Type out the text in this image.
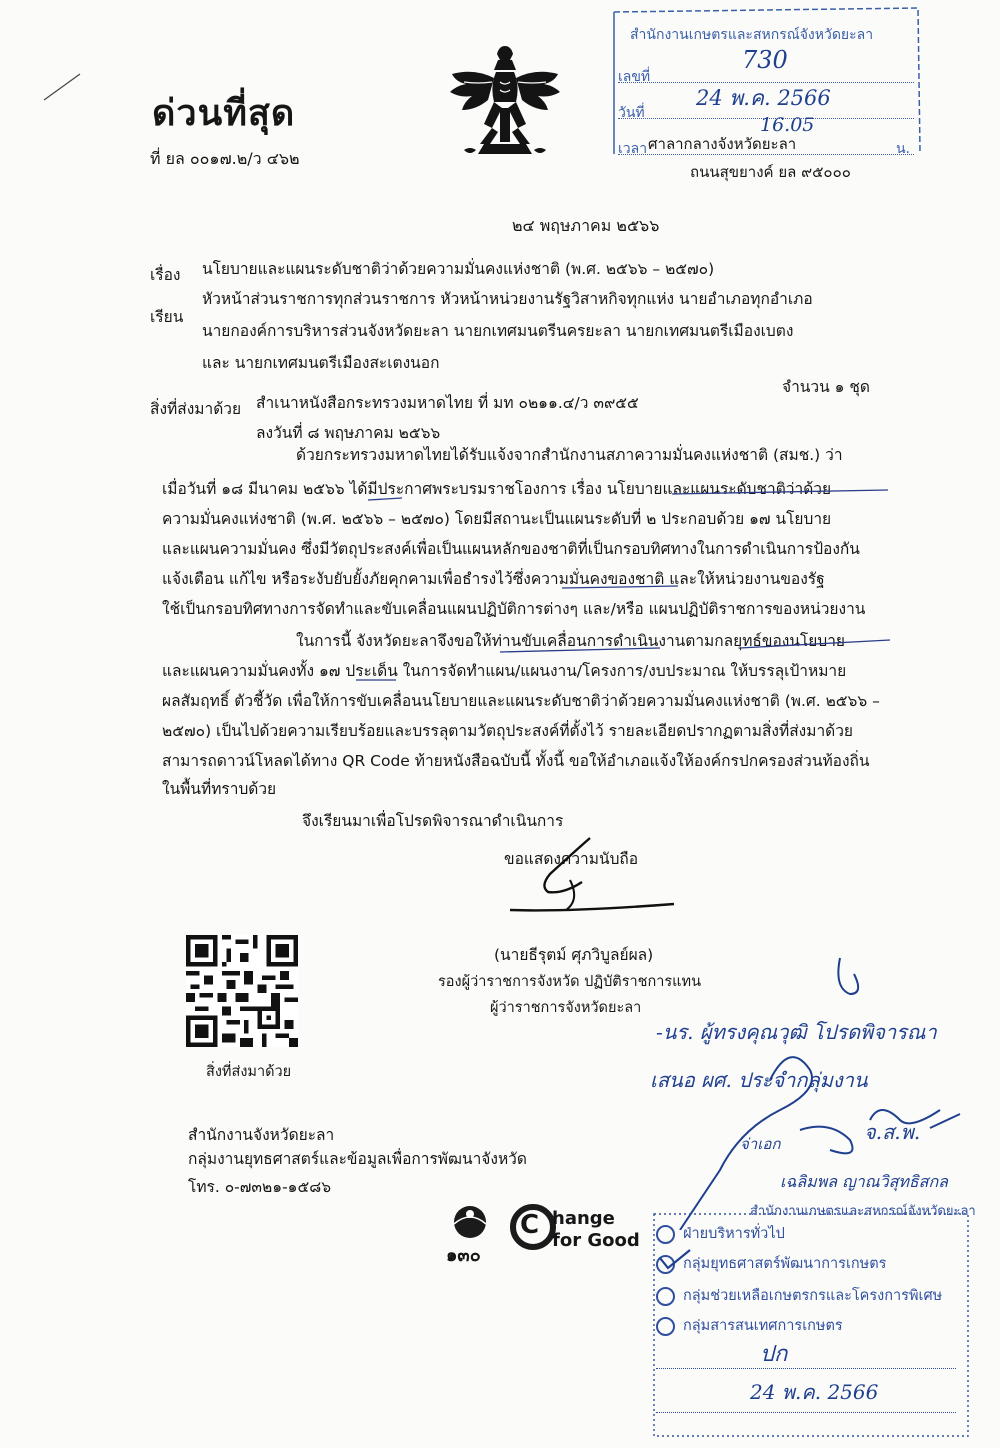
ด่วนที่สุด
ที่ ยล ๐๐๑๗.๒/ว ๔๖๒
สำนักงานเกษตรและสหกรณ์จังหวัดยะลา
เลขที่
730
วันที่
24 พ.ค. 2566
เวลา	น.
16.05
ศาลากลางจังหวัดยะลา
ถนนสุขยางค์ ยล ๙๕๐๐๐
๒๔ พฤษภาคม ๒๕๖๖
เรื่อง นโยบายและแผนระดับชาติว่าด้วยความมั่นคงแห่งชาติ (พ.ศ. ๒๕๖๖ – ๒๕๗๐)
เรียน
หัวหน้าส่วนราชการทุกส่วนราชการ หัวหน้าหน่วยงานรัฐวิสาหกิจทุกแห่ง นายอำเภอทุกอำเภอ
นายกองค์การบริหารส่วนจังหวัดยะลา นายกเทศมนตรีนครยะลา นายกเทศมนตรีเมืองเบตง
และ นายกเทศมนตรีเมืองสะเตงนอก
สิ่งที่ส่งมาด้วย สำเนาหนังสือกระทรวงมหาดไทย ที่ มท ๐๒๑๑.๔/ว ๓๙๕๕
ลงวันที่ ๘ พฤษภาคม ๒๕๖๖
จำนวน ๑ ชุด
ด้วยกระทรวงมหาดไทยได้รับแจ้งจากสำนักงานสภาความมั่นคงแห่งชาติ (สมช.) ว่า
เมื่อวันที่ ๑๘ มีนาคม ๒๕๖๖ ได้มีประกาศพระบรมราชโองการ เรื่อง นโยบายและแผนระดับชาติว่าด้วย
ความมั่นคงแห่งชาติ (พ.ศ. ๒๕๖๖ – ๒๕๗๐) โดยมีสถานะเป็นแผนระดับที่ ๒ ประกอบด้วย ๑๗ นโยบาย
และแผนความมั่นคง ซึ่งมีวัตถุประสงค์เพื่อเป็นแผนหลักของชาติที่เป็นกรอบทิศทางในการดำเนินการป้องกัน
แจ้งเตือน แก้ไข หรือระงับยับยั้งภัยคุกคามเพื่อธำรงไว้ซึ่งความมั่นคงของชาติ และให้หน่วยงานของรัฐ
ใช้เป็นกรอบทิศทางการจัดทำและขับเคลื่อนแผนปฏิบัติการต่างๆ และ/หรือ แผนปฏิบัติราชการของหน่วยงาน
ในการนี้ จังหวัดยะลาจึงขอให้ท่านขับเคลื่อนการดำเนินงานตามกลยุทธ์ของนโยบาย
และแผนความมั่นคงทั้ง ๑๗ ประเด็น ในการจัดทำแผน/แผนงาน/โครงการ/งบประมาณ ให้บรรลุเป้าหมาย
ผลสัมฤทธิ์ ตัวชี้วัด เพื่อให้การขับเคลื่อนนโยบายและแผนระดับชาติว่าด้วยความมั่นคงแห่งชาติ (พ.ศ. ๒๕๖๖ –
๒๕๗๐) เป็นไปด้วยความเรียบร้อยและบรรลุตามวัตถุประสงค์ที่ตั้งไว้ รายละเอียดปรากฏตามสิ่งที่ส่งมาด้วย
สามารถดาวน์โหลดได้ทาง QR Code ท้ายหนังสือฉบับนี้ ทั้งนี้ ขอให้อำเภอแจ้งให้องค์กรปกครองส่วนท้องถิ่น
ในพื้นที่ทราบด้วย
จึงเรียนมาเพื่อโปรดพิจารณาดำเนินการ
ขอแสดงความนับถือ
(นายธีรุตม์ ศุภวิบูลย์ผล)
รองผู้ว่าราชการจังหวัด ปฏิบัติราชการแทน
ผู้ว่าราชการจังหวัดยะลา
สิ่งที่ส่งมาด้วย
สำนักงานจังหวัดยะลา
กลุ่มงานยุทธศาสตร์และข้อมูลเพื่อการพัฒนาจังหวัด
โทร. ๐-๗๓๒๑-๑๕๘๖
๑๓๐
C hange
for Good
-นร. ผู้ทรงคุณวุฒิ โปรดพิจารณา
เสนอ ผศ. ประจำกลุ่มงาน
จ่าเอก	จ.ส.พ.
เฉลิมพล ญาณวิสุทธิสกล
สำนักงานเกษตรและสหกรณ์จังหวัดยะลา
ฝ่ายบริหารทั่วไป
กลุ่มยุทธศาสตร์พัฒนาการเกษตร
กลุ่มช่วยเหลือเกษตรกรและโครงการพิเศษ
กลุ่มสารสนเทศการเกษตร
ปก
24 พ.ค. 2566
